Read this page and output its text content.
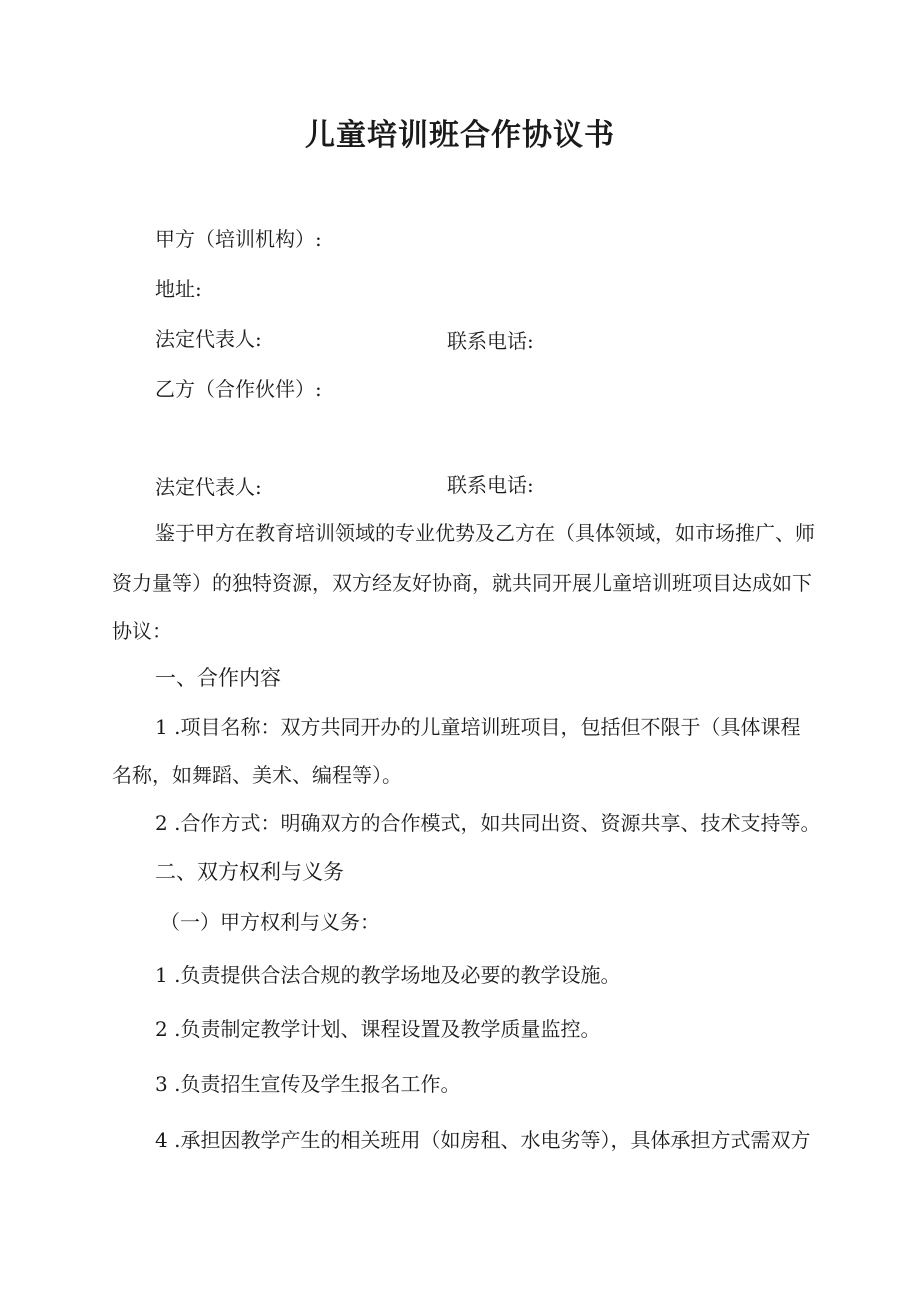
儿童培训班合作协议书

甲方（培训机构）:

地址:

法定代表人:	联系电话:

乙方（合作伙伴）:

法定代表人:	联系电话:

鉴于甲方在教育培训领域的专业优势及乙方在（具体领域，如市场推广、师

资力量等）的独特资源，双方经友好协商，就共同开展儿童培训班项目达成如下

协议：

一、合作内容

1 .项目名称：双方共同开办的儿童培训班项目，包括但不限于（具体课程

名称，如舞蹈、美术、编程等）。

2 .合作方式：明确双方的合作模式，如共同出资、资源共享、技术支持等。

二、双方权利与义务

（一）甲方权利与义务：

1 .负责提供合法合规的教学场地及必要的教学设施。

2 .负责制定教学计划、课程设置及教学质量监控。

3 .负责招生宣传及学生报名工作。

4 .承担因教学产生的相关班用（如房租、水电劣等），具体承担方式需双方
